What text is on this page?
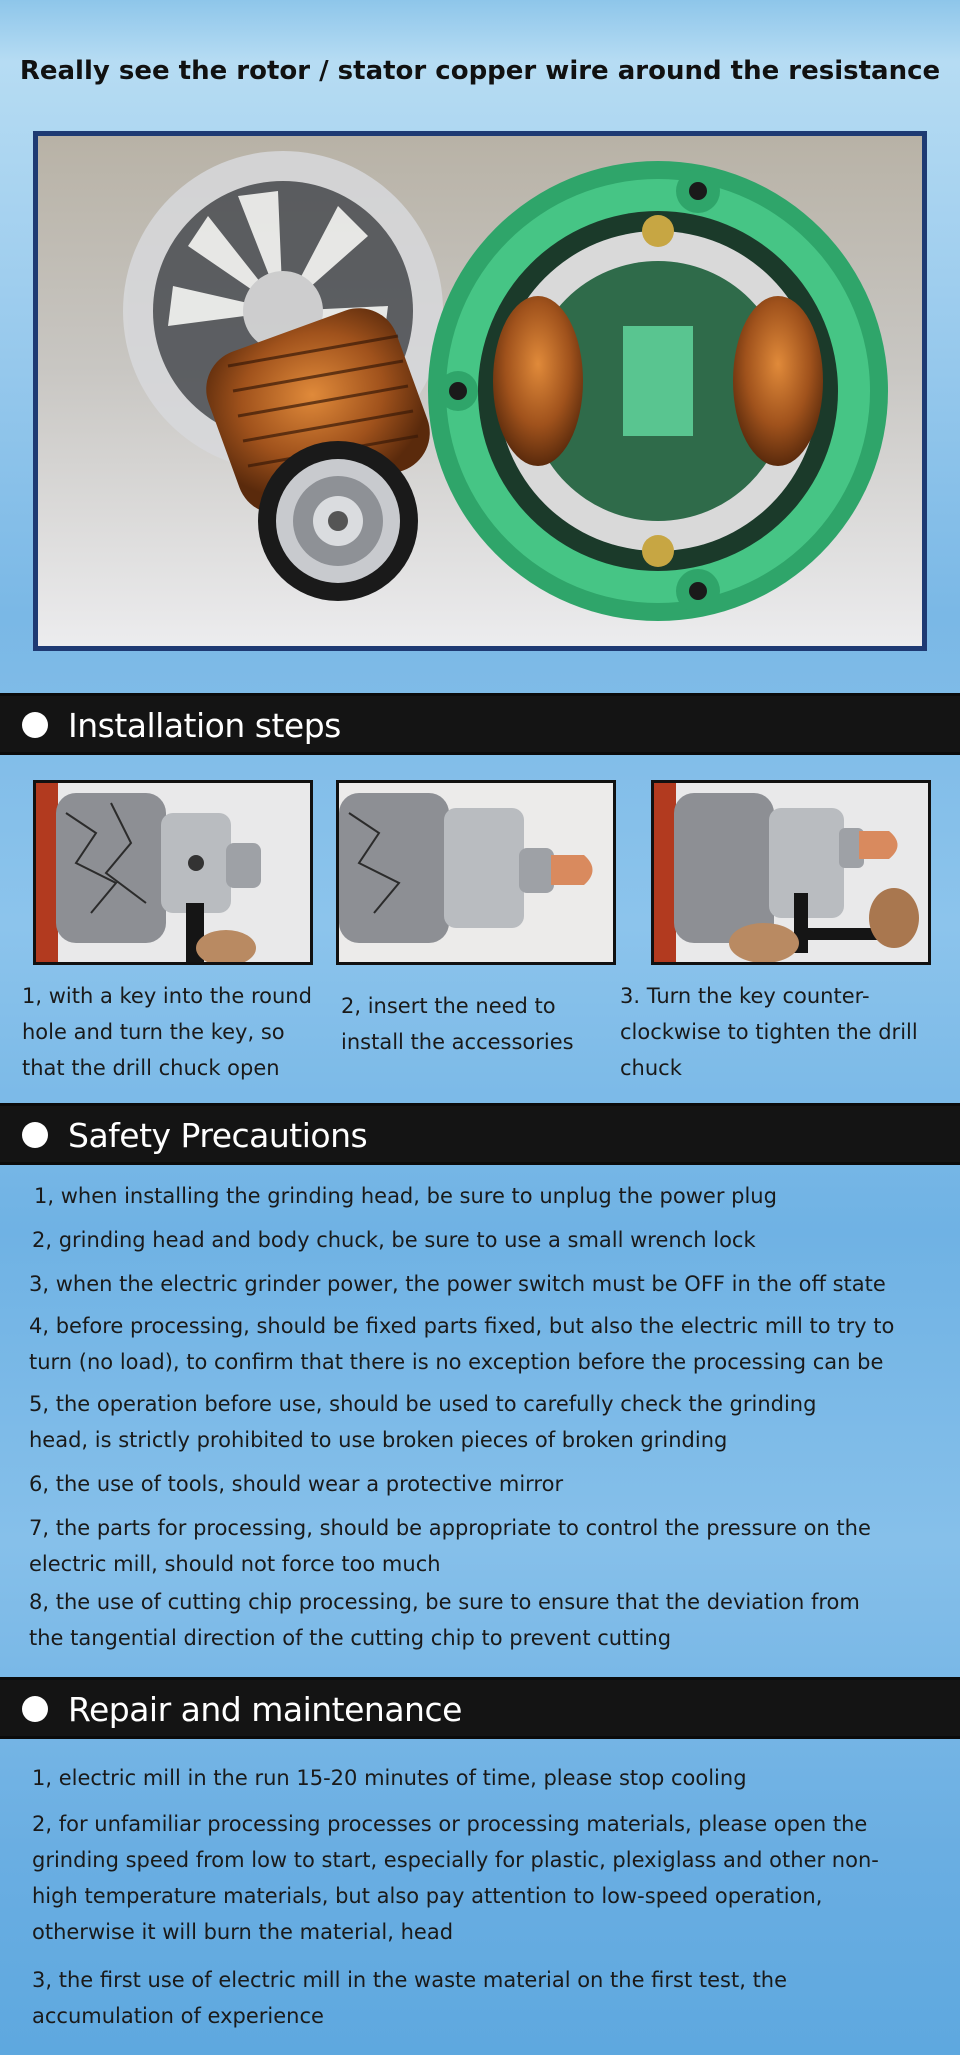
Really see the rotor / stator copper wire around the resistance
Installation steps
1, with a key into the round hole and turn the key, so that the drill chuck open
2, insert the need to install the accessories
3. Turn the key counter-clockwise to tighten the drill chuck
Safety Precautions

1, when installing the grinding head, be sure to unplug the power plug

2, grinding head and body chuck, be sure to use a small wrench lock

3, when the electric grinder power, the power switch must be OFF in the off state

4, before processing, should be fixed parts fixed, but also the electric mill to try to turn (no load), to confirm that there is no exception before the processing can be

5, the operation before use, should be used to carefully check the grinding head, is strictly prohibited to use broken pieces of broken grinding

6, the use of tools, should wear a protective mirror

7, the parts for processing, should be appropriate to control the pressure on the electric mill, should not force too much

8, the use of cutting chip processing, be sure to ensure that the deviation from the tangential direction of the cutting chip to prevent cutting

Repair and maintenance

1, electric mill in the run 15-20 minutes of time, please stop cooling

2, for unfamiliar processing processes or processing materials, please open the grinding speed from low to start, especially for plastic, plexiglass and other non-high temperature materials, but also pay attention to low-speed operation, otherwise it will burn the material, head

3, the first use of electric mill in the waste material on the first test, the accumulation of experience
